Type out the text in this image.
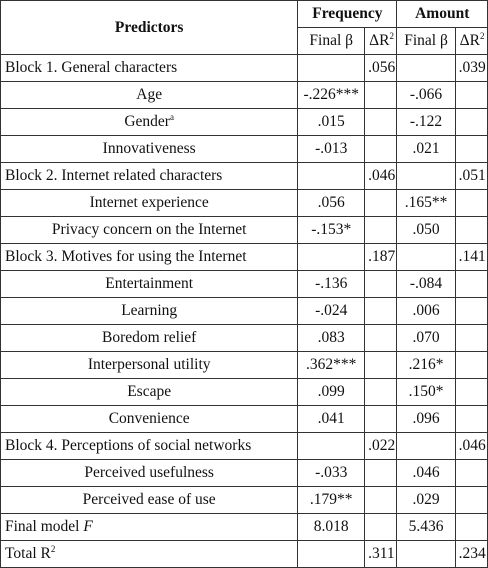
Predictors	Frequency		Amount	
	Final β	$\Delta R^2$	Final β	$\Delta R^2$
Block 1. General characters		.056		.039
Age	-.226***		-.066	
Gender$^a$	.015		-.122	
Innovativeness	-.013		.021	
Block 2. Internet related characters		.046		.051
Internet experience	.056		.165**	
Privacy concern on the Internet	-.153*		.050	
Block 3. Motives for using the Internet		.187		.141
Entertainment	-.136		-.084	
Learning	-.024		.006	
Boredom relief	.083		.070	
Interpersonal utility	.362***		.216*	
Escape	.099		.150*	
Convenience	.041		.096	
Block 4. Perceptions of social networks		.022		.046
Perceived usefulness	-.033		.046	
Perceived ease of use	.179**		.029	
Final model F	8.018		5.436	
Total $R^2$		.311		.234
